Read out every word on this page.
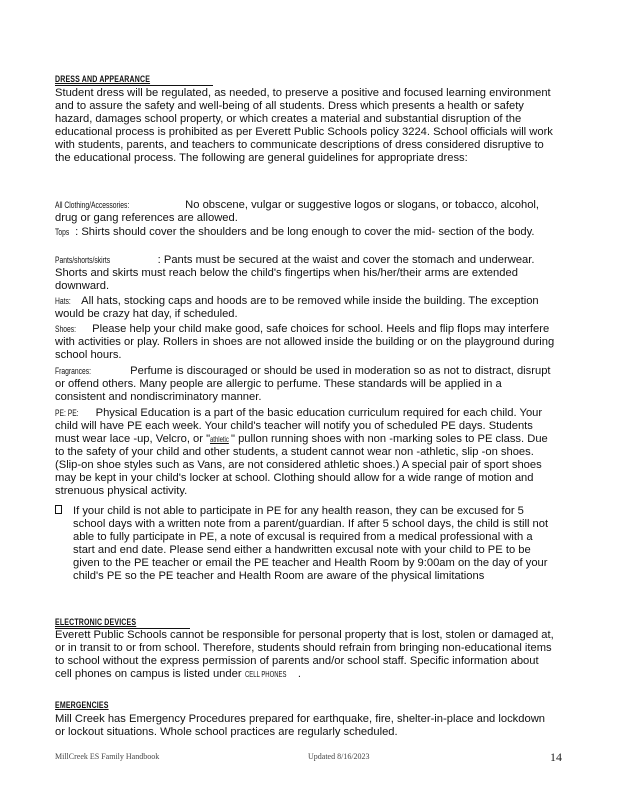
DRESS AND APPEARANCE

Student dress will be regulated, as needed, to preserve a positive and focused learning environment and to assure the safety and well-being of all students. Dress which presents a health or safety hazard, damages school property, or which creates a material and substantial disruption of the educational process is prohibited as per Everett Public Schools policy 3224. School officials will work with students, parents, and teachers to communicate descriptions of dress considered disruptive to the educational process. The following are general guidelines for appropriate dress:

All Clothing/Accessories:	No obscene, vulgar or suggestive logos or slogans, or tobacco, alcohol, drug or gang references are allowed.
Tops : Shirts should cover the shoulders and be long enough to cover the mid- section of the body.
Pants/shorts/skirts	: Pants must be secured at the waist and cover the stomach and underwear. Shorts and skirts must reach below the child's fingertips when his/her/their arms are extended downward.
Hats: All hats, stocking caps and hoods are to be removed while inside the building. The exception would be crazy hat day, if scheduled.
Shoes: Please help your child make good, safe choices for school. Heels and flip flops may interfere with activities or play. Rollers in shoes are not allowed inside the building or on the playground during school hours.
Fragrances:	Perfume is discouraged or should be used in moderation so as not to distract, disrupt or offend others. Many people are allergic to perfume. These standards will be applied in a consistent and nondiscriminatory manner.
PE: PE: Physical Education is a part of the basic education curriculum required for each child. Your child will have PE each week. Your child's teacher will notify you of scheduled PE days. Students must wear lace -up, Velcro, or "athletic " pullon running shoes with non -marking soles to PE class. Due to the safety of your child and other students, a student cannot wear non -athletic, slip -on shoes. (Slip-on shoe styles such as Vans, are not considered athletic shoes.) A special pair of sport shoes may be kept in your child's locker at school. Clothing should allow for a wide range of motion and strenuous physical activity.
If your child is not able to participate in PE for any health reason, they can be excused for 5 school days with a written note from a parent/guardian. If after 5 school days, the child is still not able to fully participate in PE, a note of excusal is required from a medical professional with a start and end date. Please send either a handwritten excusal note with your child to PE to be given to the PE teacher or email the PE teacher and Health Room by 9:00am on the day of your child's PE so the PE teacher and Health Room are aware of the physical limitations
ELECTRONIC DEVICES
Everett Public Schools cannot be responsible for personal property that is lost, stolen or damaged at, or in transit to or from school. Therefore, students should refrain from bringing non-educational items to school without the express permission of parents and/or school staff. Specific information about cell phones on campus is listed under CELL PHONES .
EMERGENCIES

Mill Creek has Emergency Procedures prepared for earthquake, fire, shelter-in-place and lockdown or lockout situations. Whole school practices are regularly scheduled.

MillCreek ES Family Handbook	Updated 8/16/2023	14
